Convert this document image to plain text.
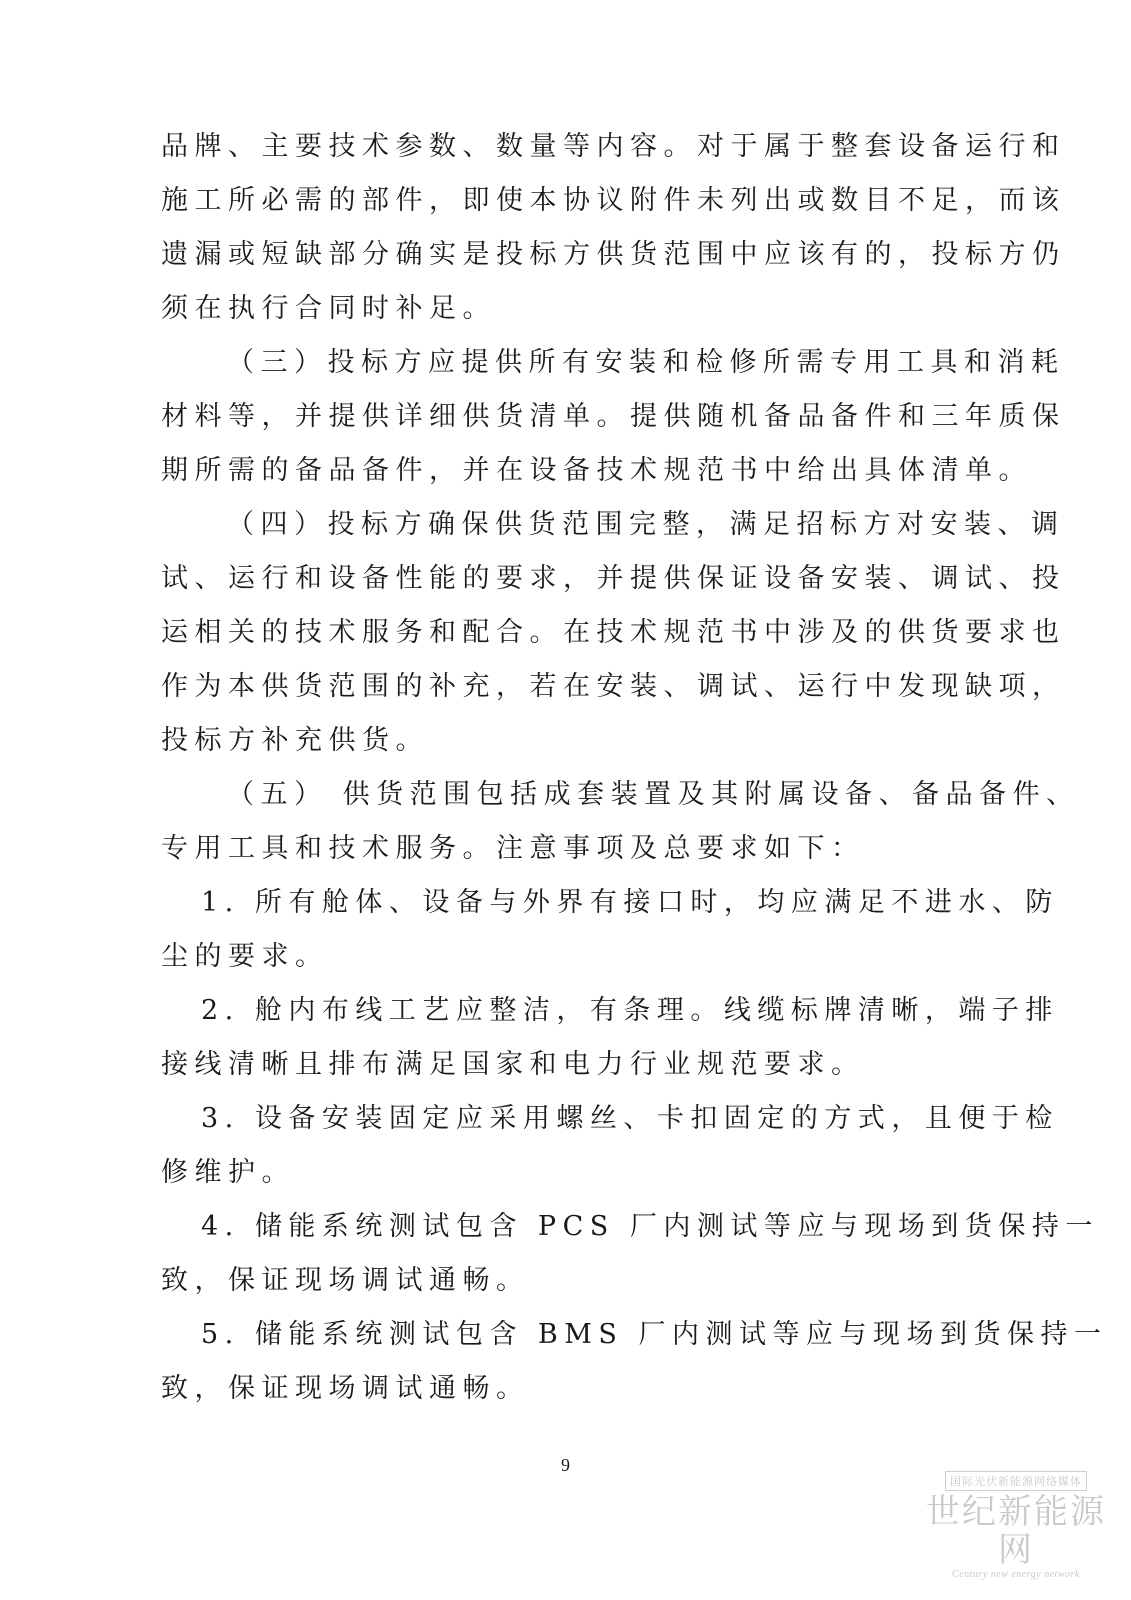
品牌、主要技术参数、数量等内容。对于属于整套设备运行和
施工所必需的部件，即使本协议附件未列出或数目不足，而该
遗漏或短缺部分确实是投标方供货范围中应该有的，投标方仍
须在执行合同时补足。

（三）投标方应提供所有安装和检修所需专用工具和消耗
材料等，并提供详细供货清单。提供随机备品备件和三年质保
期所需的备品备件，并在设备技术规范书中给出具体清单。

（四）投标方确保供货范围完整，满足招标方对安装、调
试、运行和设备性能的要求，并提供保证设备安装、调试、投
运相关的技术服务和配合。在技术规范书中涉及的供货要求也
作为本供货范围的补充，若在安装、调试、运行中发现缺项，
投标方补充供货。

（五） 供货范围包括成套装置及其附属设备、备品备件、
专用工具和技术服务。注意事项及总要求如下：

1. 所有舱体、设备与外界有接口时，均应满足不进水、防
尘的要求。

2. 舱内布线工艺应整洁，有条理。线缆标牌清晰，端子排
接线清晰且排布满足国家和电力行业规范要求。

3. 设备安装固定应采用螺丝、卡扣固定的方式，且便于检
修维护。

4. 储能系统测试包含 PCS 厂内测试等应与现场到货保持一
致，保证现场调试通畅。

5. 储能系统测试包含 BMS 厂内测试等应与现场到货保持一
致，保证现场调试通畅。

9
国际光伏新能源网络媒体
世纪新能源网
Century new energy network
